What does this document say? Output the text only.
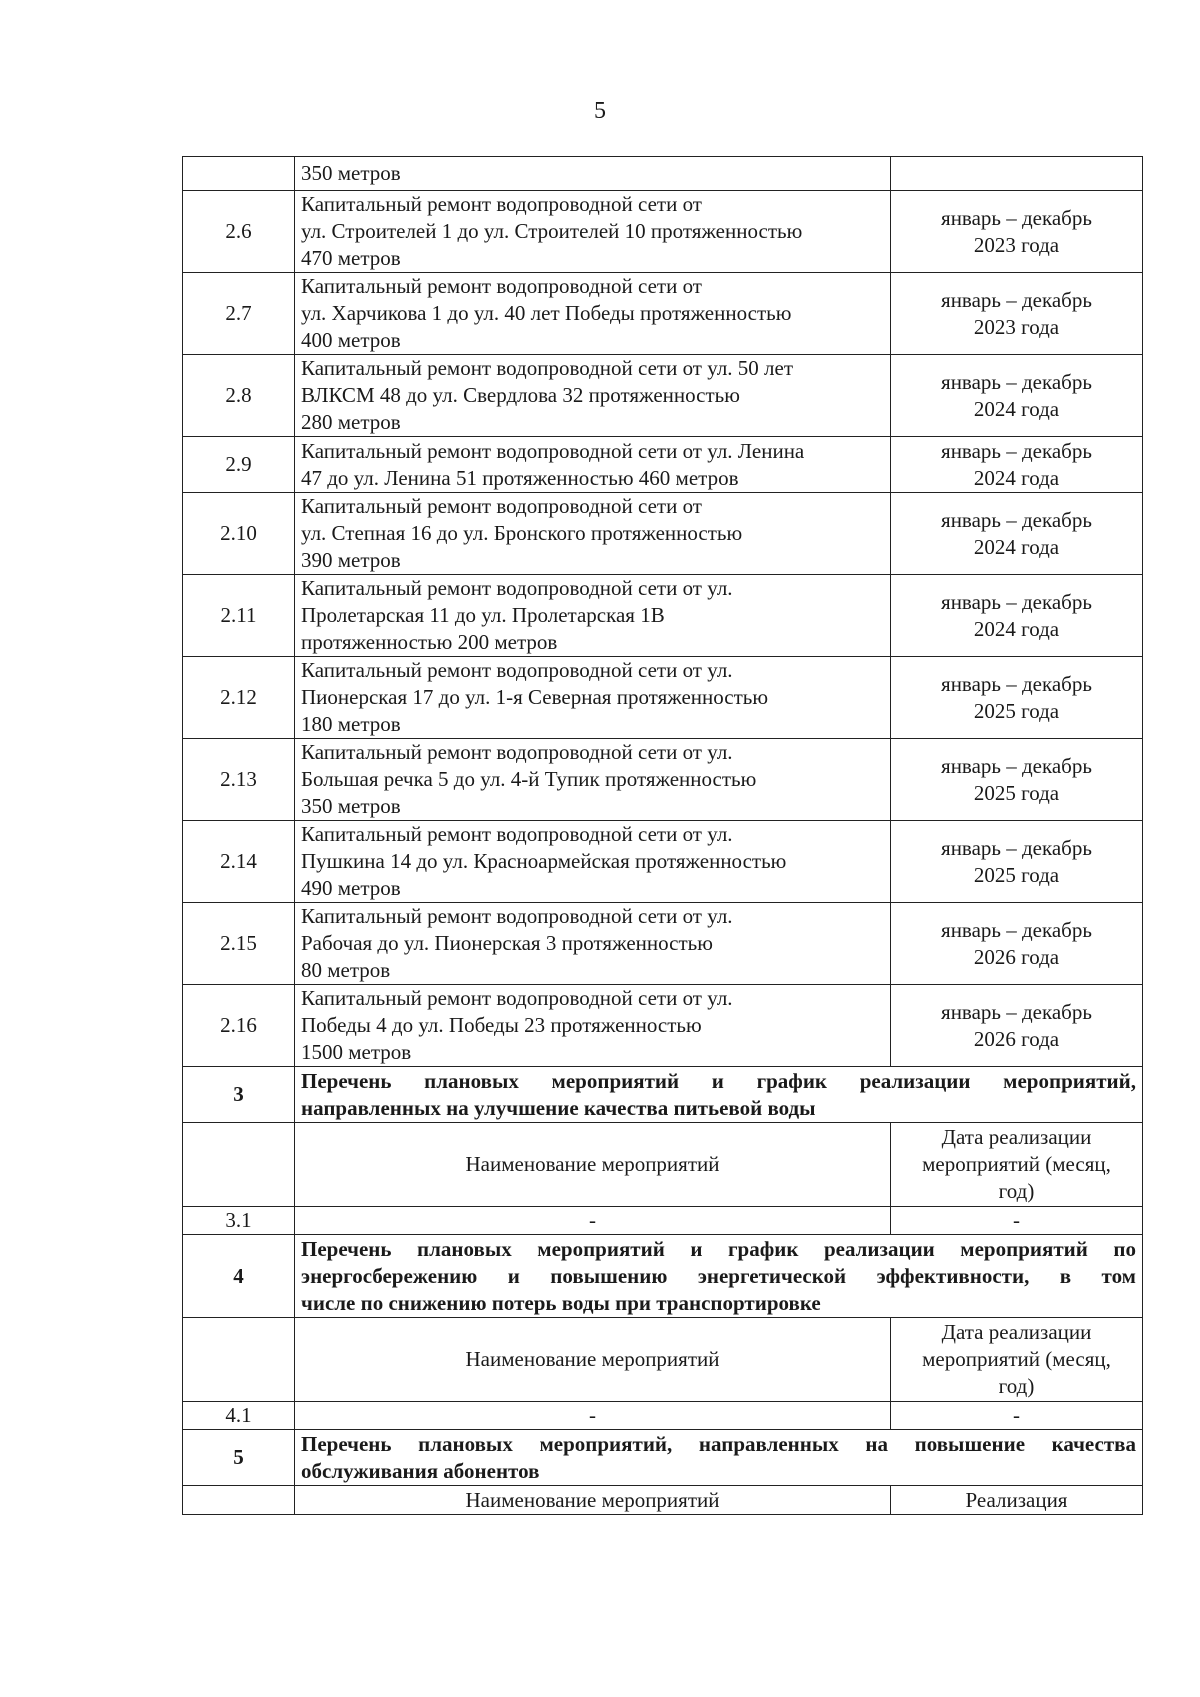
5
	350 метров	
2.6	Капитальный ремонт водопроводной сети от
ул. Строителей 1 до ул. Строителей 10 протяженностью
470 метров	январь – декабрь
2023 года

2.7	Капитальный ремонт водопроводной сети от
ул. Харчикова 1 до ул. 40 лет Победы протяженностью
400 метров	январь – декабрь
2023 года

2.8	Капитальный ремонт водопроводной сети от ул. 50 лет
ВЛКСМ 48 до ул. Свердлова 32 протяженностью
280 метров	январь – декабрь
2024 года

2.9	Капитальный ремонт водопроводной сети от ул. Ленина
47 до ул. Ленина 51 протяженностью 460 метров	январь – декабрь
2024 года

2.10	Капитальный ремонт водопроводной сети от
ул. Степная 16 до ул. Бронского протяженностью
390 метров	январь – декабрь
2024 года

2.11	Капитальный ремонт водопроводной сети от ул.
Пролетарская 11 до ул. Пролетарская 1В
протяженностью 200 метров	январь – декабрь
2024 года

2.12	Капитальный ремонт водопроводной сети от ул.
Пионерская 17 до ул. 1-я Северная протяженностью
180 метров	январь – декабрь
2025 года

2.13	Капитальный ремонт водопроводной сети от ул.
Большая речка 5 до ул. 4-й Тупик протяженностью
350 метров	январь – декабрь
2025 года

2.14	Капитальный ремонт водопроводной сети от ул.
Пушкина 14 до ул. Красноармейская протяженностью
490 метров	январь – декабрь
2025 года

2.15	Капитальный ремонт водопроводной сети от ул.
Рабочая до ул. Пионерская 3 протяженностью
80 метров	январь – декабрь
2026 года

2.16	Капитальный ремонт водопроводной сети от ул.
Победы 4 до ул. Победы 23 протяженностью
1500 метров	январь – декабрь
2026 года

3	Перечень плановых мероприятий и график реализации мероприятий,
направленных на улучшение качества питьевой воды	

	Наименование мероприятий	Дата реализации
мероприятий (месяц,
год)

3.1	-	-
4	Перечень плановых мероприятий и график реализации мероприятий по
энергосбережению и повышению энергетической эффективности, в том
числе по снижению потерь воды при транспортировке	

	Наименование мероприятий	Дата реализации
мероприятий (месяц,
год)

4.1	-	-
5	Перечень плановых мероприятий, направленных на повышение качества
обслуживания абонентов	

	Наименование мероприятий	Реализация
